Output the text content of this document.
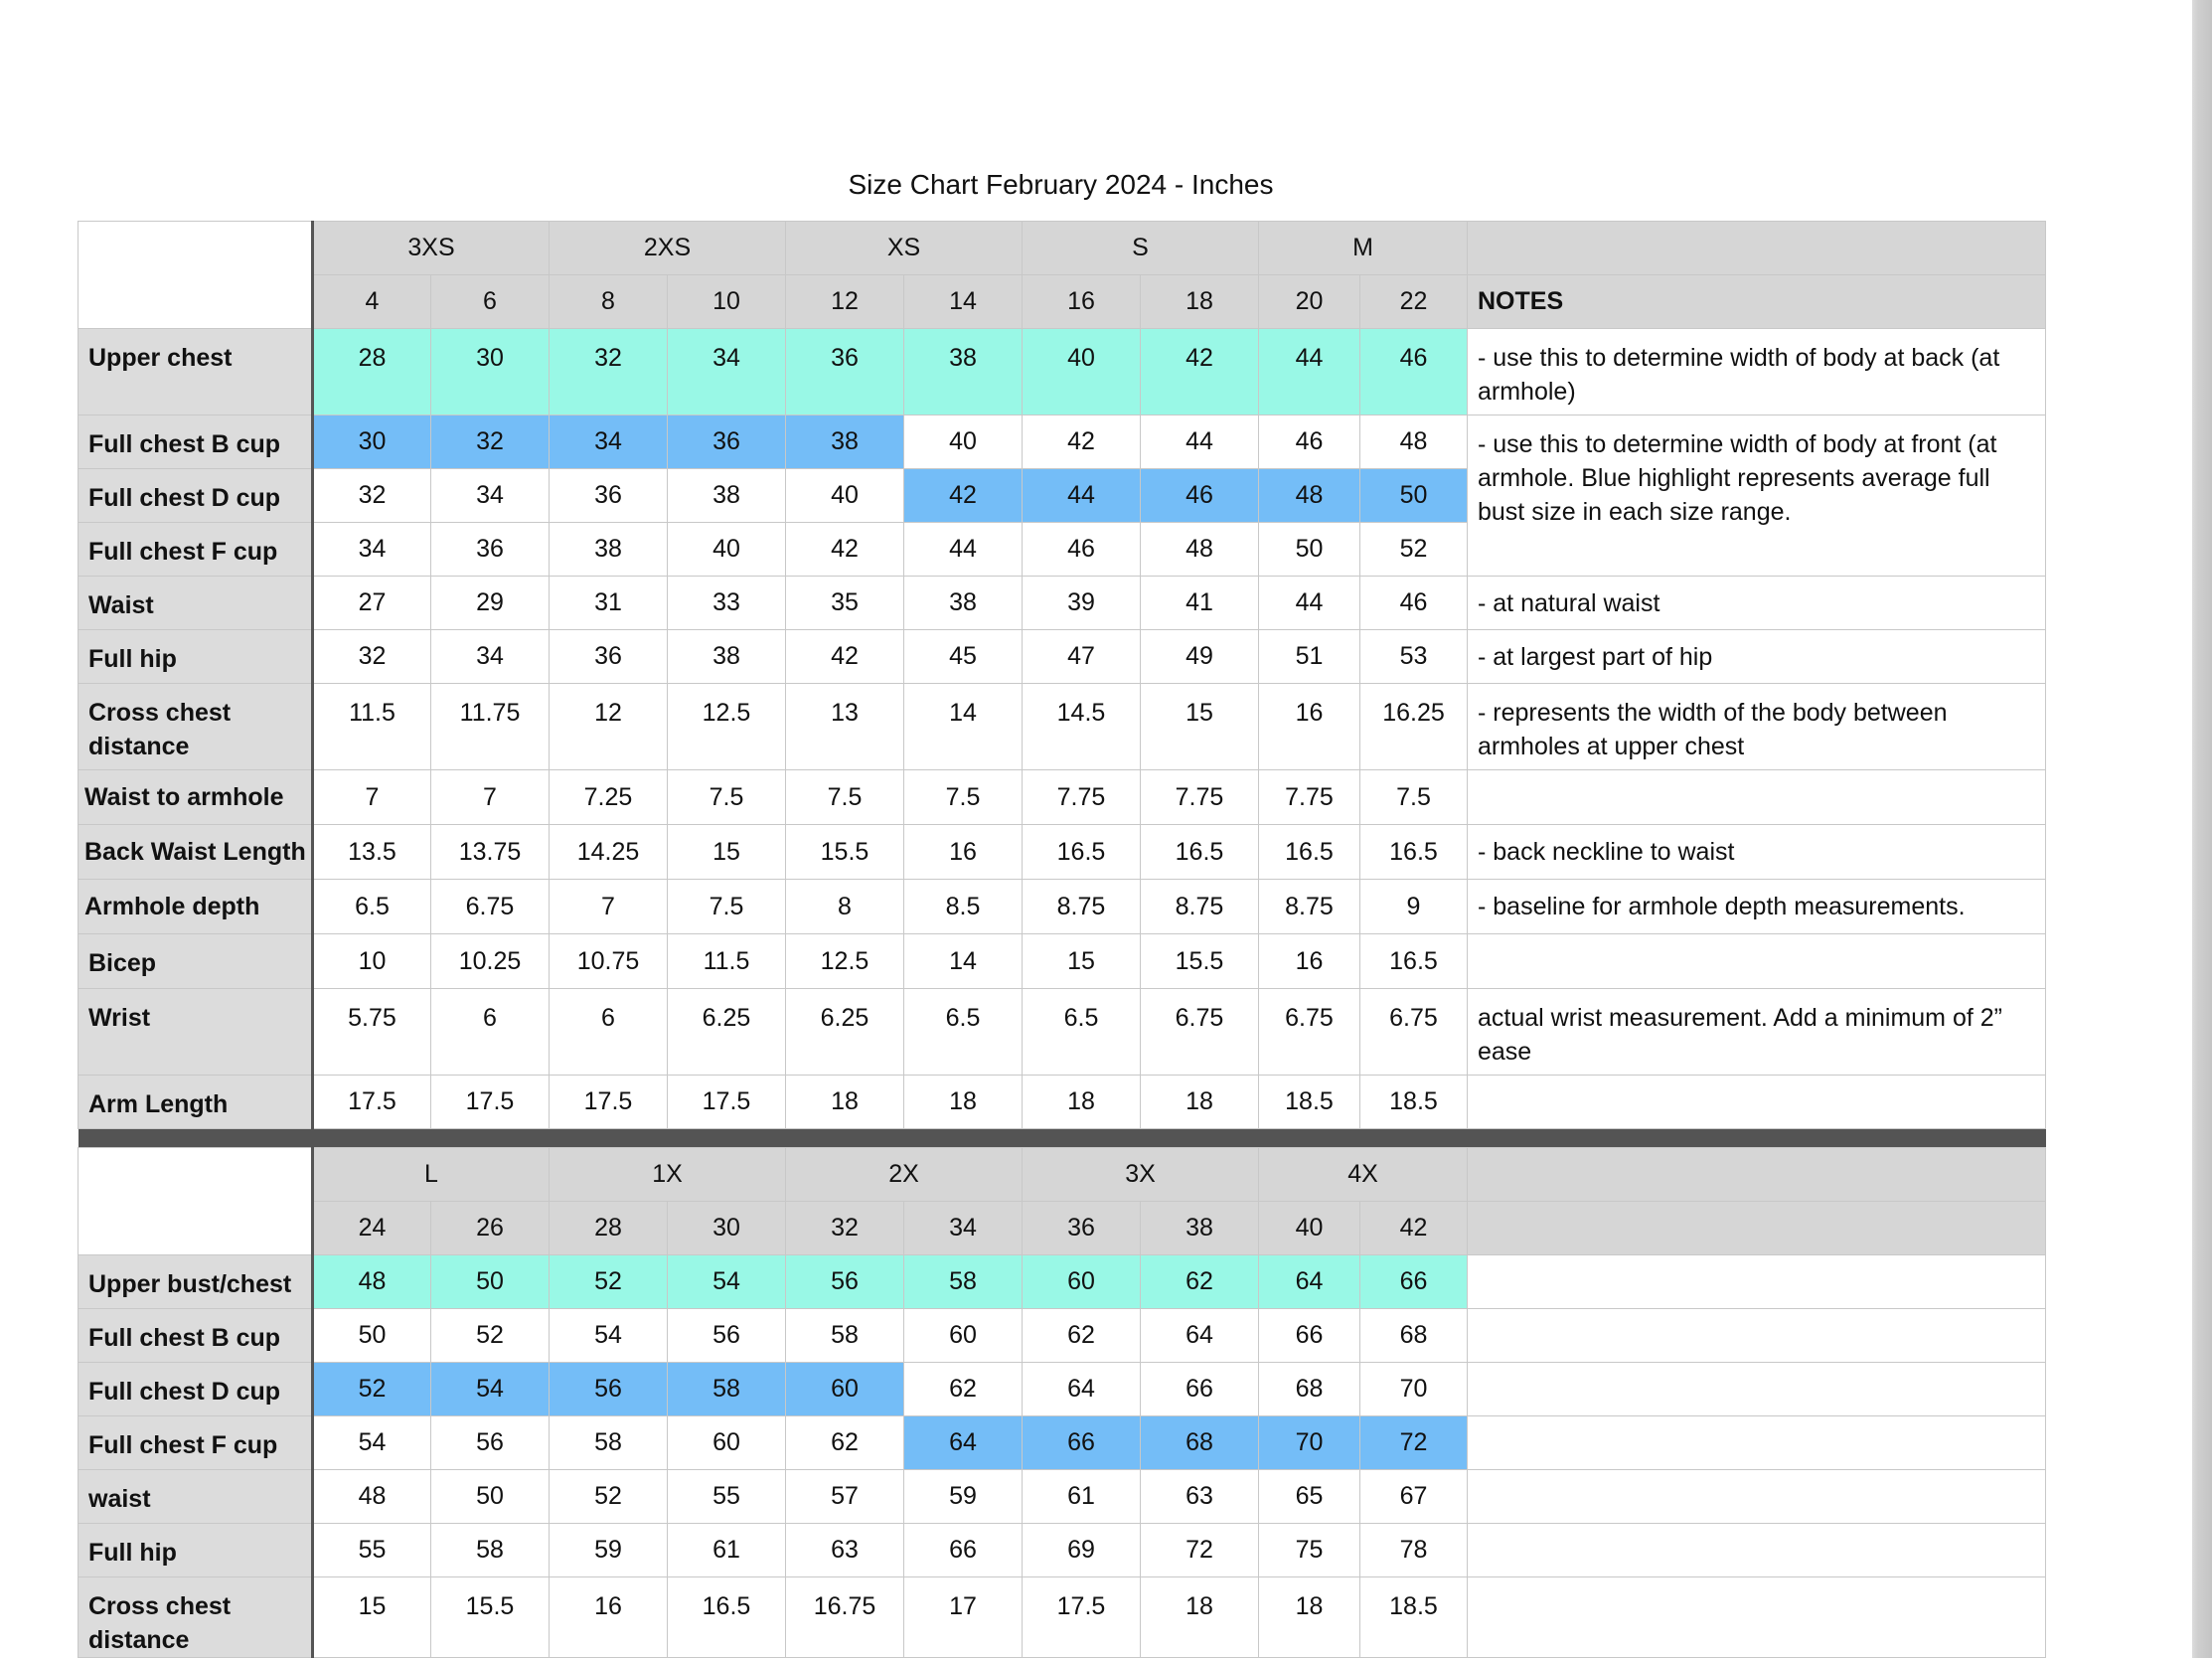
Size Chart February 2024 - Inches
	3XS		2XS		XS		S		M		
	4	6	8	10	12	14	16	18	20	22	NOTES
Upper chest	28	30	32	34	36	38	40	42	44	46	- use this to determine width of body at back (at armhole)
Full chest B cup	30	32	34	36	38	40	42	44	46	48	- use this to determine width of body at front (at armhole. Blue highlight represents average full bust size in each size range.
Full chest D cup	32	34	36	38	40	42	44	46	48	50	
Full chest F cup	34	36	38	40	42	44	46	48	50	52	
Waist	27	29	31	33	35	38	39	41	44	46	- at natural waist
Full hip	32	34	36	38	42	45	47	49	51	53	- at largest part of hip
Cross chest distance	11.5	11.75	12	12.5	13	14	14.5	15	16	16.25	- represents the width of the body between armholes at upper chest
Waist to armhole	7	7	7.25	7.5	7.5	7.5	7.75	7.75	7.75	7.5	
Back Waist Length	13.5	13.75	14.25	15	15.5	16	16.5	16.5	16.5	16.5	- back neckline to waist
Armhole depth	6.5	6.75	7	7.5	8	8.5	8.75	8.75	8.75	9	- baseline for armhole depth measurements.
Bicep	10	10.25	10.75	11.5	12.5	14	15	15.5	16	16.5	
Wrist	5.75	6	6	6.25	6.25	6.5	6.5	6.75	6.75	6.75	actual wrist measurement. Add a minimum of 2” ease
Arm Length	17.5	17.5	17.5	17.5	18	18	18	18	18.5	18.5	

	L		1X		2X		3X		4X		
	24	26	28	30	32	34	36	38	40	42	
Upper bust/chest	48	50	52	54	56	58	60	62	64	66	
Full chest B cup	50	52	54	56	58	60	62	64	66	68	
Full chest D cup	52	54	56	58	60	62	64	66	68	70	
Full chest F cup	54	56	58	60	62	64	66	68	70	72	
waist	48	50	52	55	57	59	61	63	65	67	
Full hip	55	58	59	61	63	66	69	72	75	78	
Cross chest distance	15	15.5	16	16.5	16.75	17	17.5	18	18	18.5	
